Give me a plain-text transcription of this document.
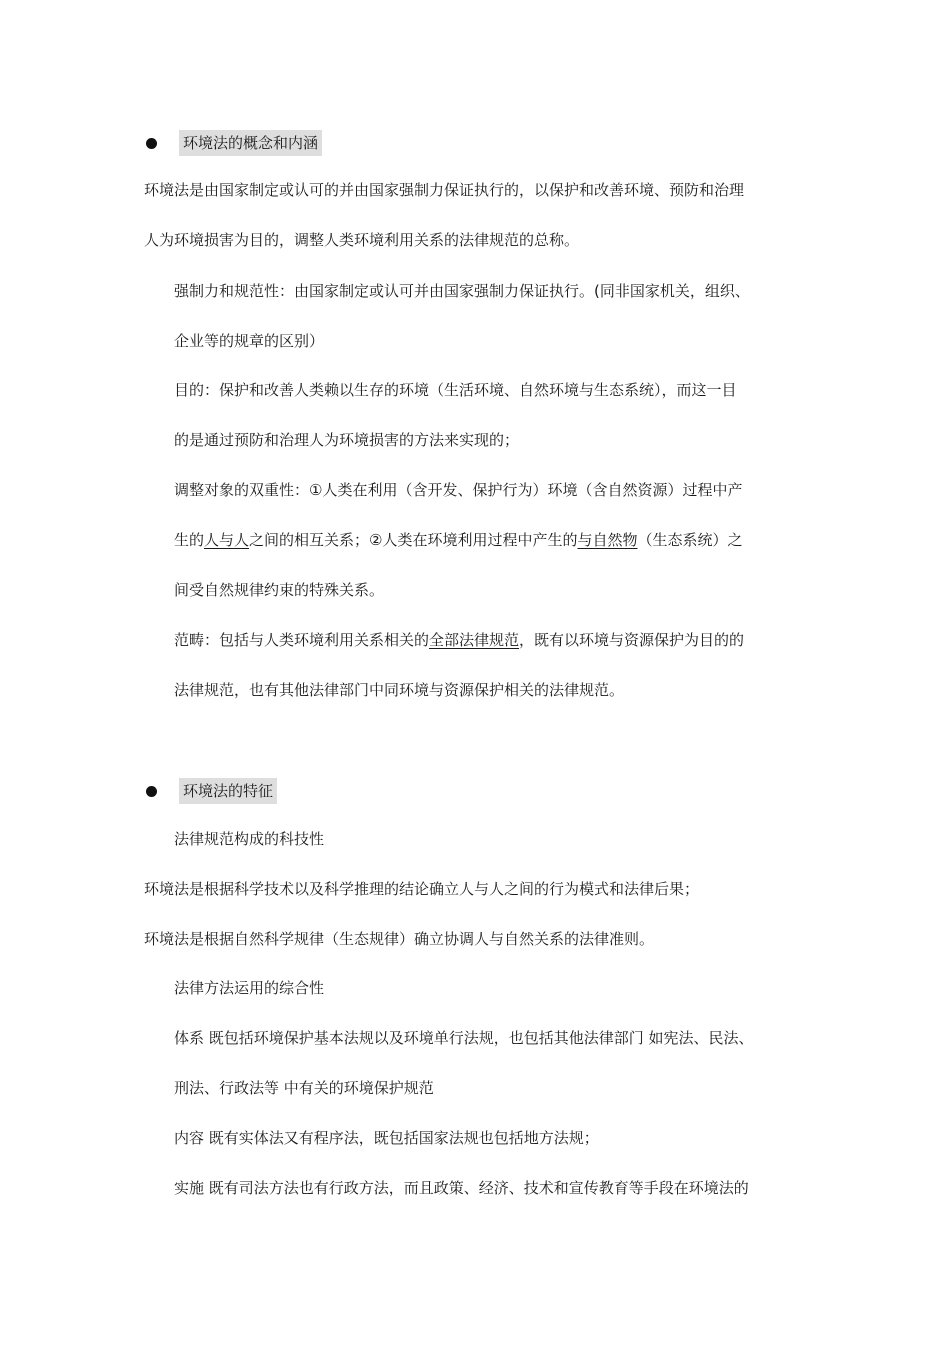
环境法的概念和内涵
环境法是由国家制定或认可的并由国家强制力保证执行的，以保护和改善环境、预防和治理
人为环境损害为目的，调整人类环境利用关系的法律规范的总称。
强制力和规范性：由国家制定或认可并由国家强制力保证执行。(同非国家机关，组织、
企业等的规章的区别）
目的：保护和改善人类赖以生存的环境（生活环境、自然环境与生态系统），而这一目
的是通过预防和治理人为环境损害的方法来实现的；
调整对象的双重性：①人类在利用（含开发、保护行为）环境（含自然资源）过程中产
生的人与人之间的相互关系；②人类在环境利用过程中产生的与自然物（生态系统）之
间受自然规律约束的特殊关系。
范畴：包括与人类环境利用关系相关的全部法律规范，既有以环境与资源保护为目的的
法律规范，也有其他法律部门中同环境与资源保护相关的法律规范。
环境法的特征
法律规范构成的科技性
环境法是根据科学技术以及科学推理的结论确立人与人之间的行为模式和法律后果；
环境法是根据自然科学规律（生态规律）确立协调人与自然关系的法律准则。
法律方法运用的综合性
体系 既包括环境保护基本法规以及环境单行法规，也包括其他法律部门 如宪法、民法、
刑法、行政法等 中有关的环境保护规范
内容 既有实体法又有程序法，既包括国家法规也包括地方法规；
实施 既有司法方法也有行政方法，而且政策、经济、技术和宣传教育等手段在环境法的
